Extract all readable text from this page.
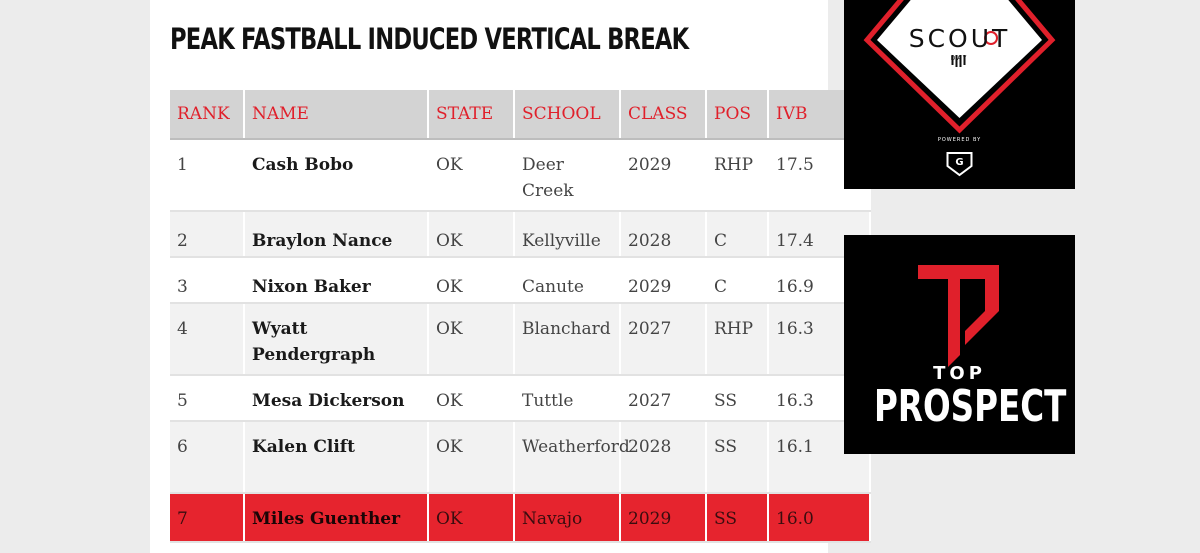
PEAK FASTBALL INDUCED VERTICAL BREAK
RANK	NAME	STATE	SCHOOL	CLASS	POS	IVB
1	Cash Bobo	OK	Deer Creek	2029	RHP	17.5
2	Braylon Nance	OK	Kellyville	2028	C	17.4
3	Nixon Baker	OK	Canute	2029	C	16.9
4	Wyatt Pendergraph	OK	Blanchard	2027	RHP	16.3
5	Mesa Dickerson	OK	Tuttle	2027	SS	16.3
6	Kalen Clift	OK	Weatherford	2028	SS	16.1
7	Miles Guenther	OK	Navajo	2029	SS	16.0
G
SCOUT
DAY
POWERED BY
TOP
PROSPECT
